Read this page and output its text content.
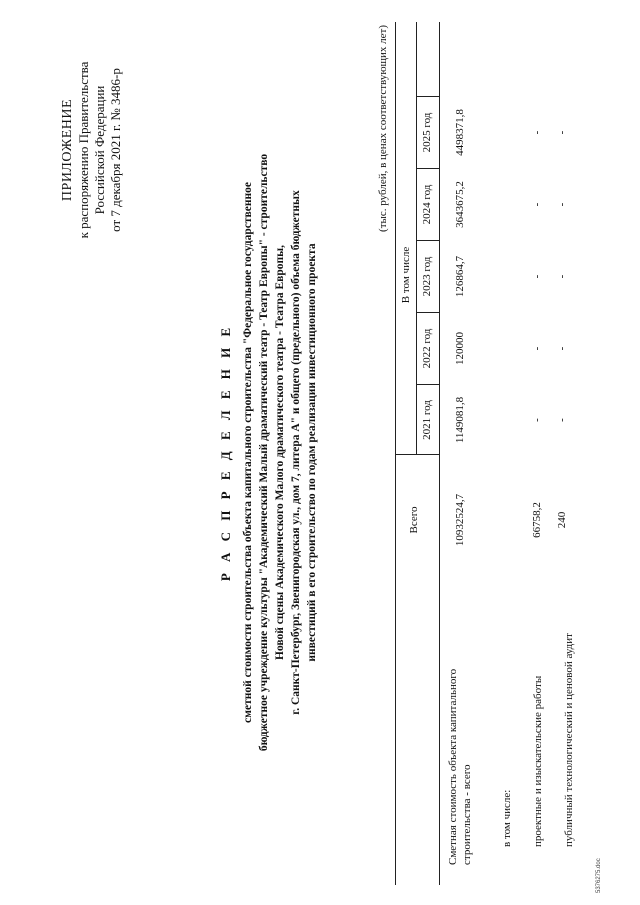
ПРИЛОЖЕНИЕ к распоряжению Правительства Российской Федерации от 7 декабря 2021 г. № 3486-р
Р А С П Р Е Д Е Л Е Н И Е сметной стоимости строительства объекта капитального строительства "Федеральное государственное бюджетное учреждение культуры "Академический Малый драматический театр - Театр Европы" - строительство Новой сцены Академического Малого драматического театра - Театра Европы, г. Санкт-Петербург, Звенигородская ул., дом 7, литера А" и общего (предельного) объема бюджетных инвестиций в его строительство по годам реализации инвестиционного проекта
(тыс. рублей, в ценах соответствующих лет)
Всего
В том числе
2021 год
2022 год
2023 год
2024 год
2025 год
Сметная стоимость объекта капитального строительства - всего
10932524,7
1149081,8
120000
126864,7
3643675,2
4498371,8
в том числе: проектные и изыскательские работы
66758,2
-
-
-
-
-
публичный технологический и ценовой аудит
240
-
-
-
-
-
5376275.doc
